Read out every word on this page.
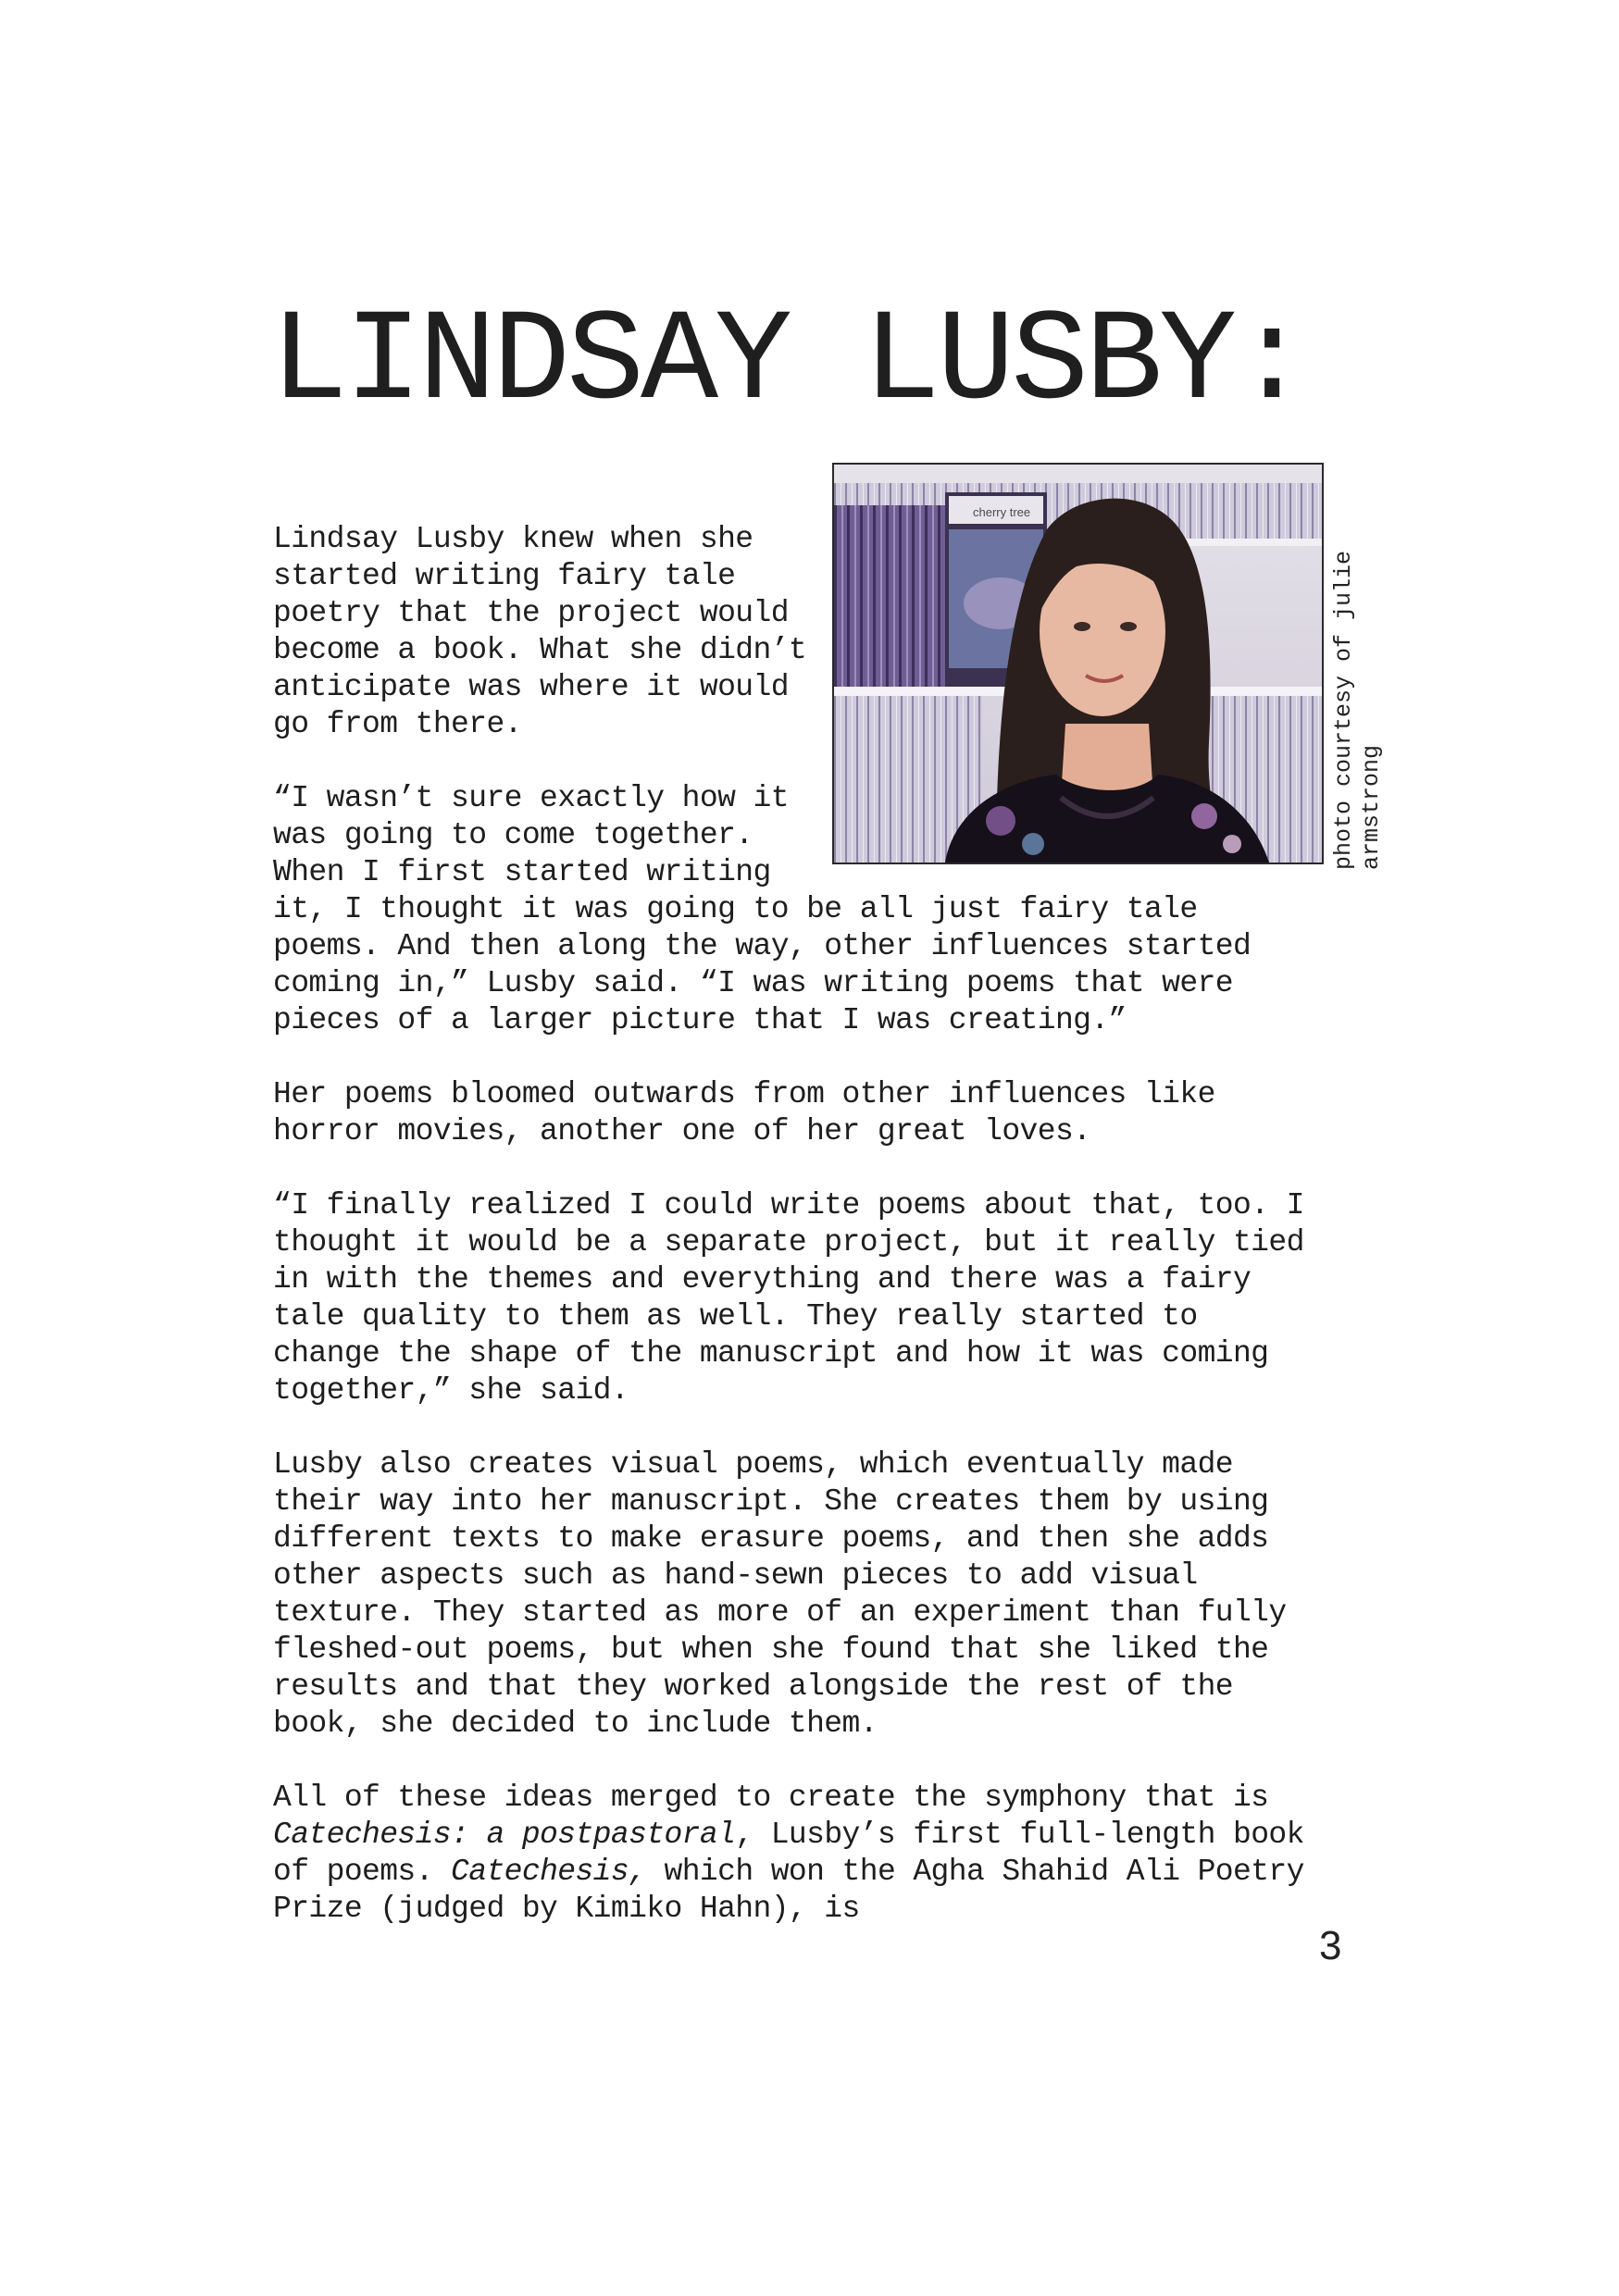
LINDSAY LUSBY:
cherry tree
photo courtesy of julie armstrong

Lindsay Lusby knew when she started writing fairy tale poetry that the project would become a book. What she didn’t anticipate was where it would go from there.

“I wasn’t sure exactly how it was going to come together. When I first started writing it, I thought it was going to be all just fairy tale poems. And then along the way, other influences started coming in,” Lusby said. “I was writing poems that were pieces of a larger picture that I was creating.”

Her poems bloomed outwards from other influences like horror movies, another one of her great loves.

“I finally realized I could write poems about that, too. I thought it would be a separate project, but it really tied in with the themes and everything and there was a fairy tale quality to them as well. They really started to change the shape of the manuscript and how it was coming together,” she said.

Lusby also creates visual poems, which eventually made their way into her manuscript. She creates them by using different texts to make erasure poems, and then she adds other aspects such as hand-sewn pieces to add visual texture. They started as more of an experiment than fully fleshed-out poems, but when she found that she liked the results and that they worked alongside the rest of the book, she decided to include them.

All of these ideas merged to create the symphony that is Catechesis: a postpastoral, Lusby’s first full-length book of poems. Catechesis, which won the Agha Shahid Ali Poetry Prize (judged by Kimiko Hahn), is

3
